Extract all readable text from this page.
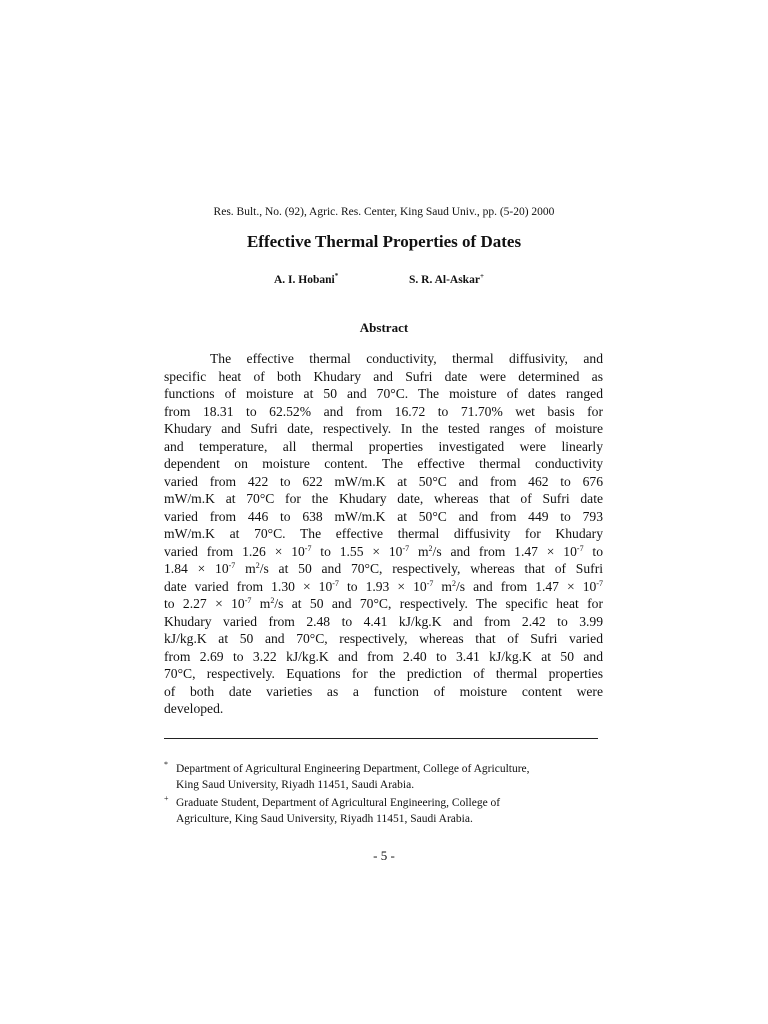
Res. Bult., No. (92), Agric. Res. Center, King Saud Univ., pp. (5-20) 2000
Effective Thermal Properties of Dates
A. I. Hobani*	S. R. Al-Askar+
Abstract
The effective thermal conductivity, thermal diffusivity, and
specific heat of both Khudary and Sufri date were determined as
functions of moisture at 50 and 70°C. The moisture of dates ranged
from 18.31 to 62.52% and from 16.72 to 71.70% wet basis for
Khudary and Sufri date, respectively. In the tested ranges of moisture
and temperature, all thermal properties investigated were linearly
dependent on moisture content. The effective thermal conductivity
varied from 422 to 622 mW/m.K at 50°C and from 462 to 676
mW/m.K at 70°C for the Khudary date, whereas that of Sufri date
varied from 446 to 638 mW/m.K at 50°C and from 449 to 793
mW/m.K at 70°C. The effective thermal diffusivity for Khudary
varied from $1.26 \times 10^{-7}$ to $1.55 \times 10^{-7}$ $m^2/s$ and from $1.47 \times 10^{-7}$ to
$1.84 \times 10^{-7}$ $m^2/s$ at 50 and 70°C, respectively, whereas that of Sufri
date varied from $1.30 \times 10^{-7}$ to $1.93 \times 10^{-7}$ $m^2/s$ and from $1.47 \times 10^{-7}$
to $2.27 \times 10^{-7}$ $m^2/s$ at 50 and 70°C, respectively. The specific heat for
Khudary varied from 2.48 to 4.41 kJ/kg.K and from 2.42 to 3.99
kJ/kg.K at 50 and 70°C, respectively, whereas that of Sufri varied
from 2.69 to 3.22 kJ/kg.K and from 2.40 to 3.41 kJ/kg.K at 50 and
70°C, respectively. Equations for the prediction of thermal properties
of both date varieties as a function of moisture content were
developed.
* Department of Agricultural Engineering Department, College of Agriculture,
King Saud University, Riyadh 11451, Saudi Arabia.
+ Graduate Student, Department of Agricultural Engineering, College of
Agriculture, King Saud University, Riyadh 11451, Saudi Arabia.
- 5 -
